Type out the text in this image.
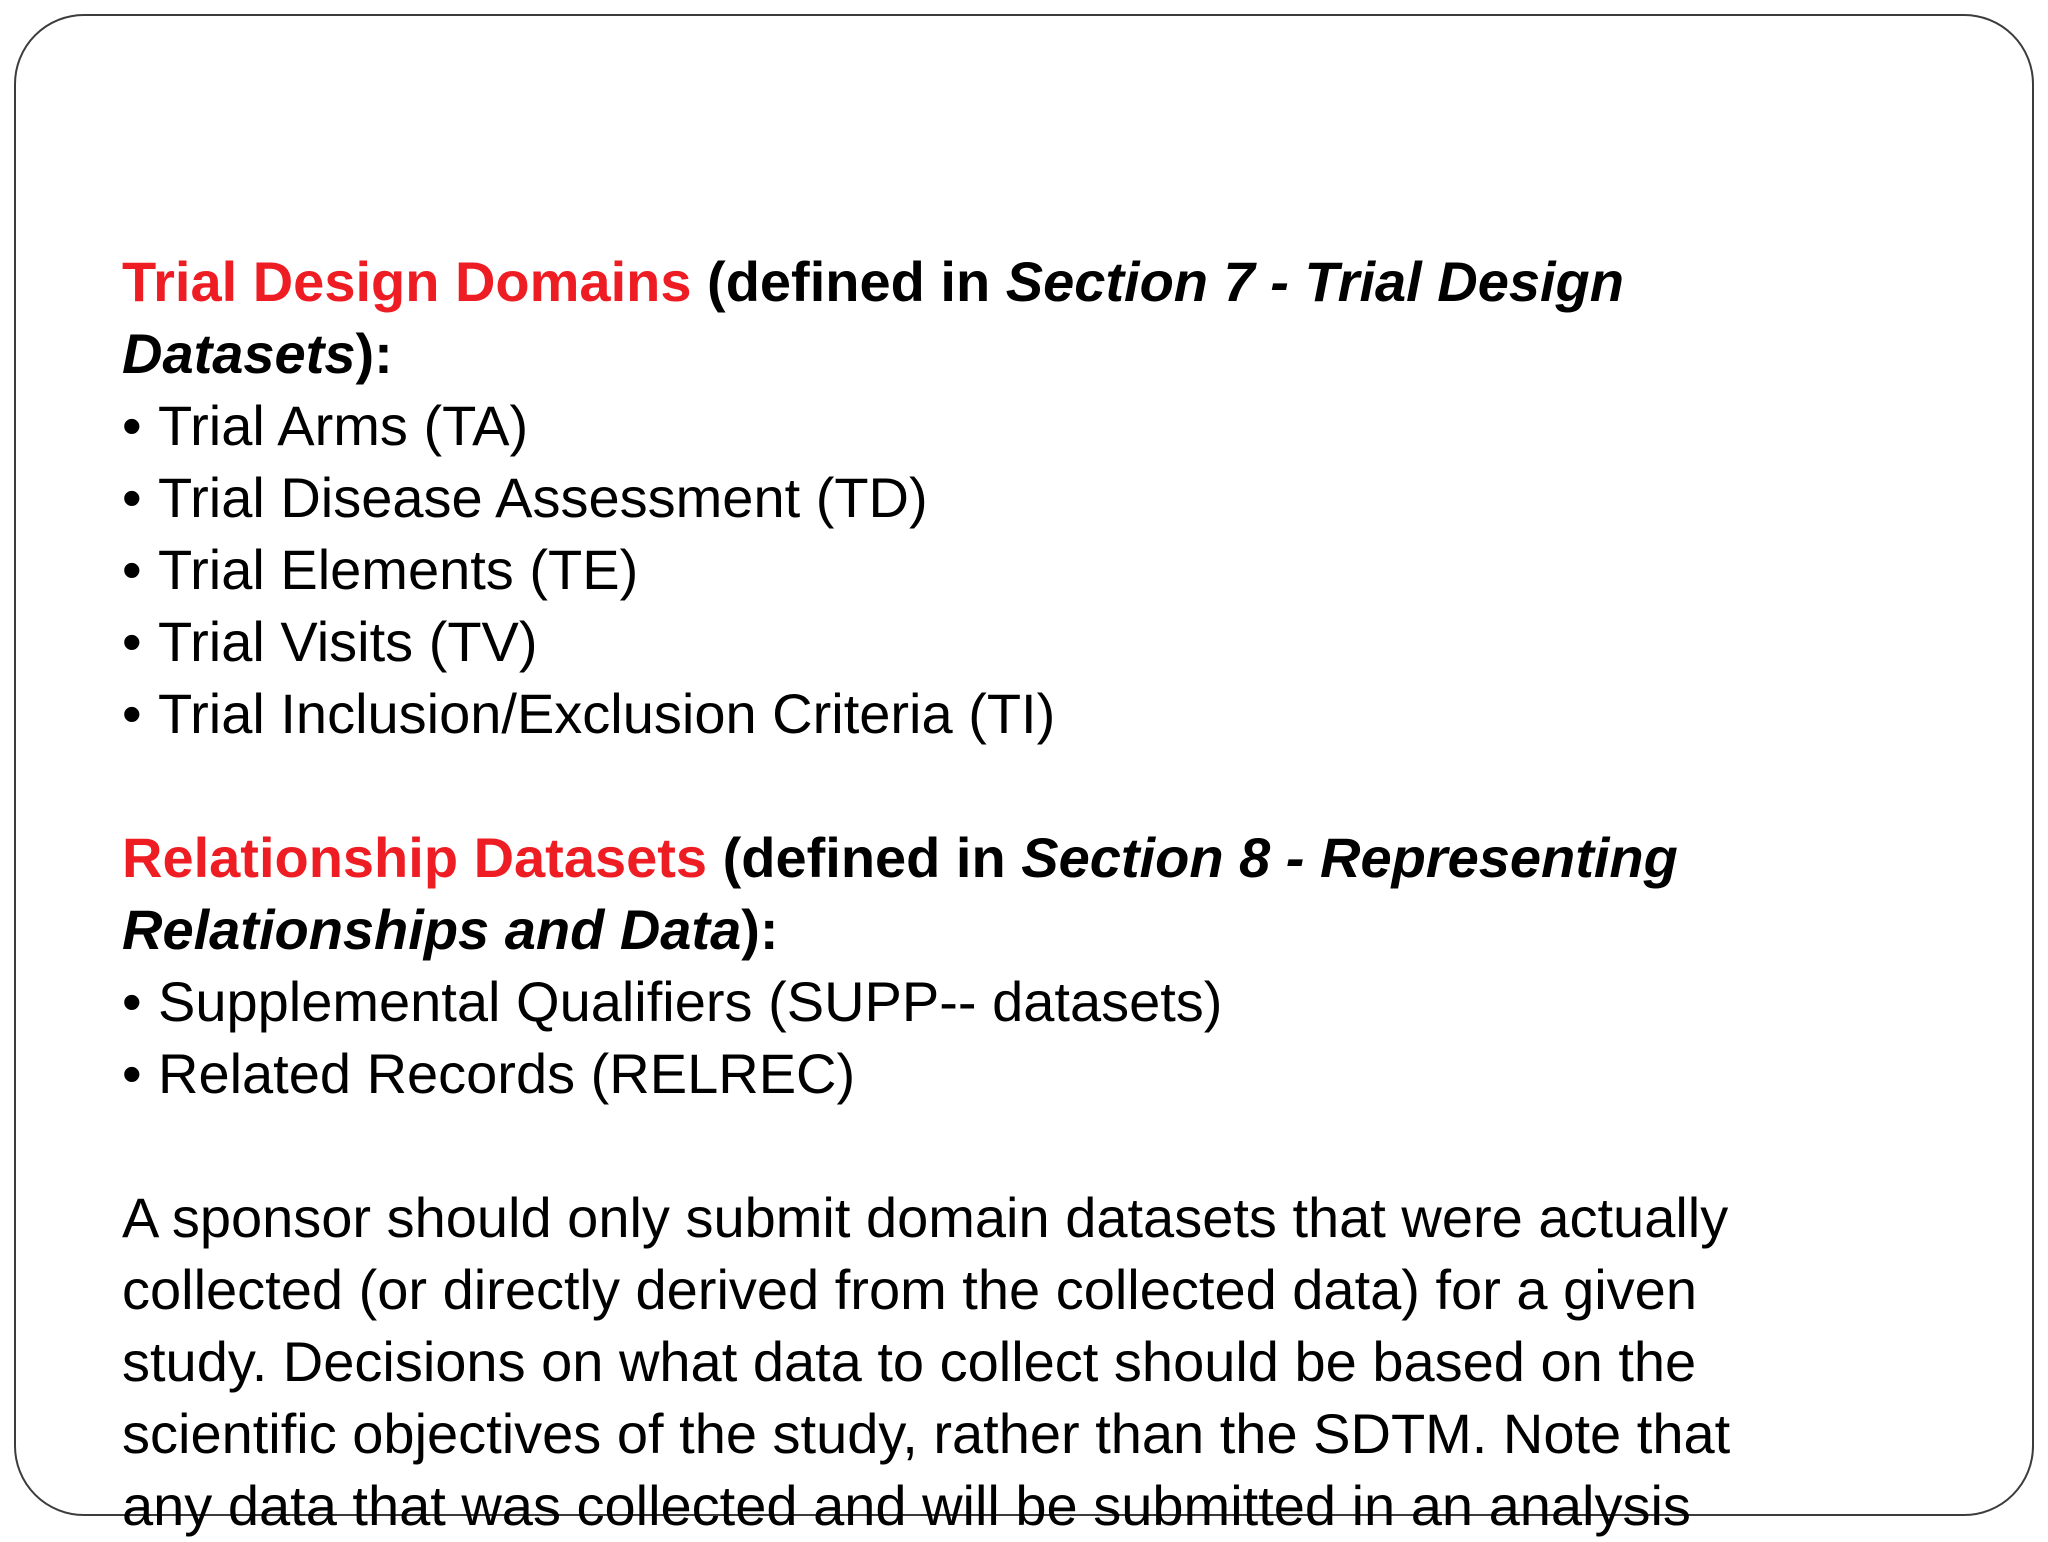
Trial Design Domains (defined in Section 7 - Trial Design
Datasets):

• Trial Arms (TA)
• Trial Disease Assessment (TD)
• Trial Elements (TE)
• Trial Visits (TV)
• Trial Inclusion/Exclusion Criteria (TI)

Relationship Datasets (defined in Section 8 - Representing
Relationships and Data):

• Supplemental Qualifiers (SUPP-- datasets)
• Related Records (RELREC)

A sponsor should only submit domain datasets that were actually
collected (or directly derived from the collected data) for a given
study. Decisions on what data to collect should be based on the
scientific objectives of the study, rather than the SDTM. Note that
any data that was collected and will be submitted in an analysis
